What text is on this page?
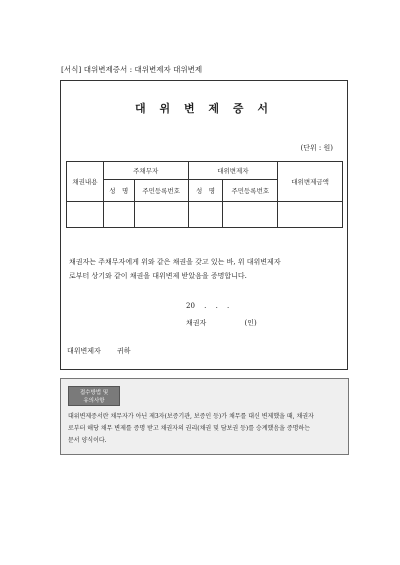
[서식] 대위변제증서 : 대위변제자 대위변제
대 위 변 제 증 서
(단위 : 원)
채권내용	주채무자		대위변제자		대위변제금액
	성　명	주민등록번호	성　명	주민등록번호	

채권자는 주채무자에게 위와 같은 채권을 갖고 있는 바, 위 대위변제자
로부터 상기와 같이 채권을 대위변제 받았음을 증명합니다.
20　 .　 .　 .
채권자	(인)
대위변제자 귀하
접수방법 및
유의사항
대위변제증서란 채무자가 아닌 제3자(보증기관, 보증인 등)가 채무를 대신 변제했을 때, 채권자
로부터 해당 채무 변제를 증명 받고 채권자의 권리(채권 및 담보권 등)를 승계했음을 증명하는
문서 양식이다.
